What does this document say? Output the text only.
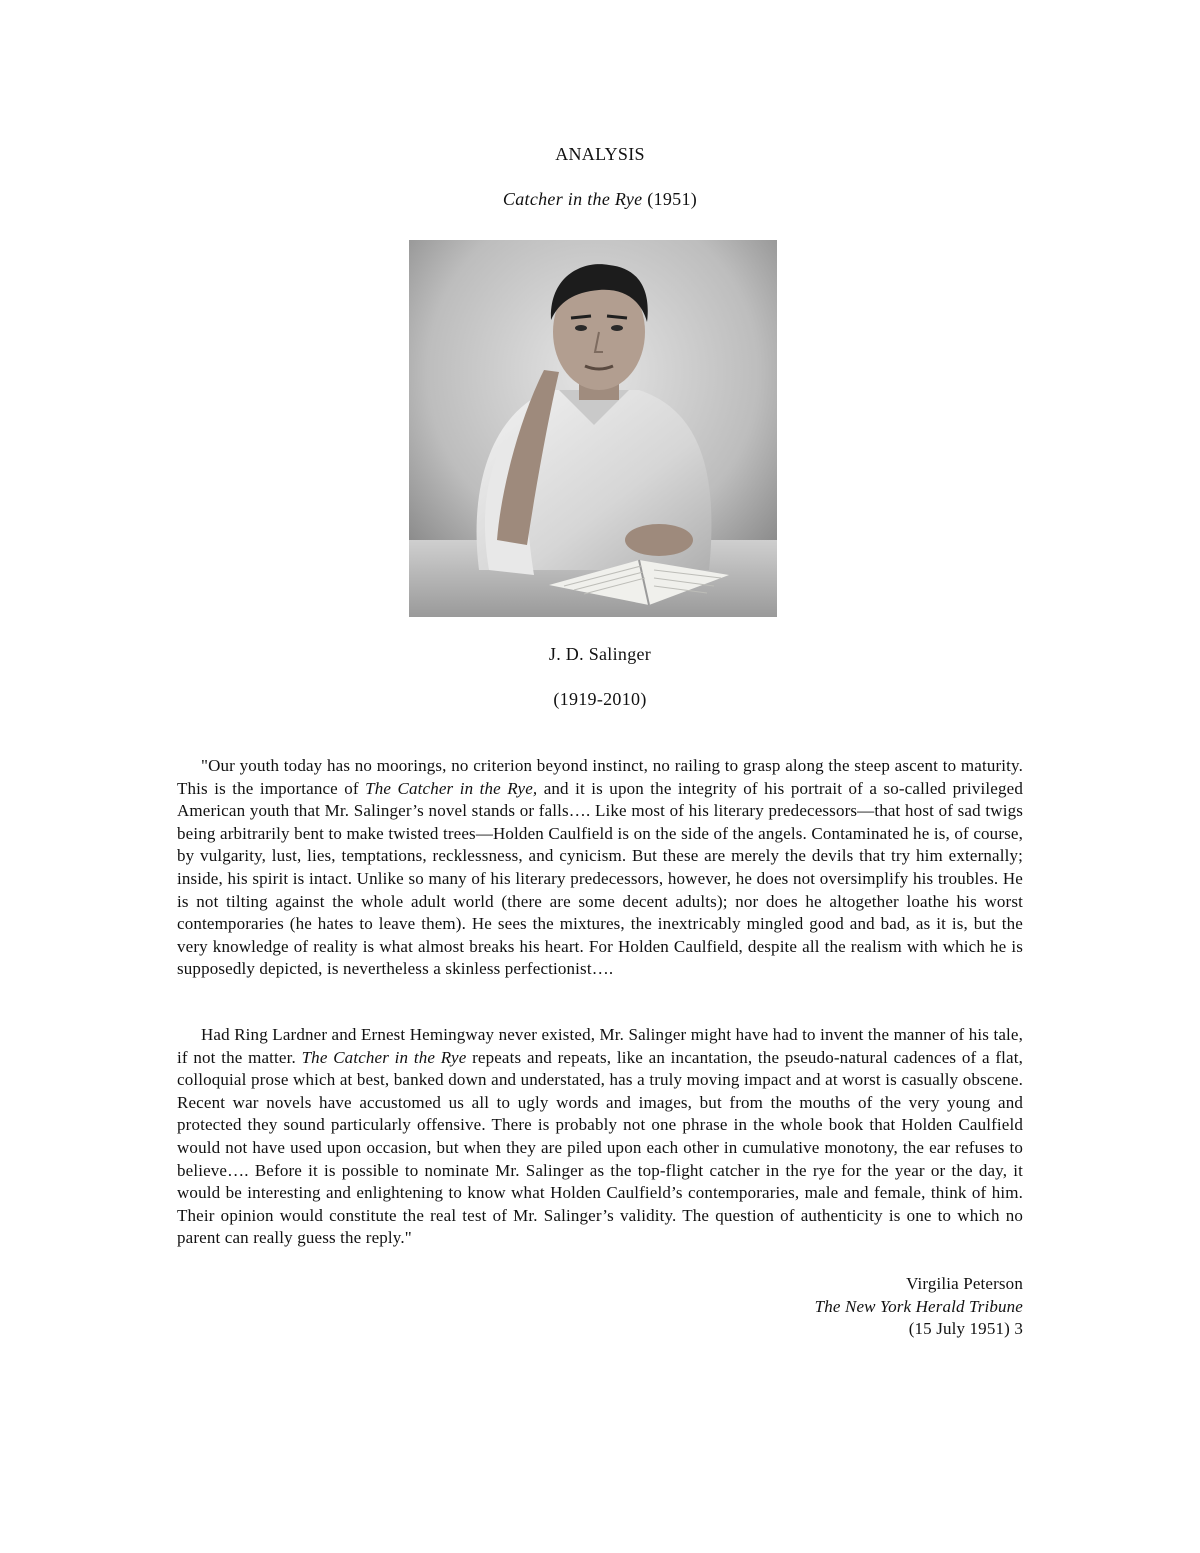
ANALYSIS
Catcher in the Rye (1951)
J. D. Salinger
(1919-2010)

"Our youth today has no moorings, no criterion beyond instinct, no railing to grasp along the steep ascent to maturity. This is the importance of The Catcher in the Rye, and it is upon the integrity of his portrait of a so-called privileged American youth that Mr. Salinger’s novel stands or falls…. Like most of his literary predecessors—that host of sad twigs being arbitrarily bent to make twisted trees—Holden Caulfield is on the side of the angels. Contaminated he is, of course, by vulgarity, lust, lies, temptations, recklessness, and cynicism. But these are merely the devils that try him externally; inside, his spirit is intact. Unlike so many of his literary predecessors, however, he does not oversimplify his troubles. He is not tilting against the whole adult world (there are some decent adults); nor does he altogether loathe his worst contemporaries (he hates to leave them). He sees the mixtures, the inextricably mingled good and bad, as it is, but the very knowledge of reality is what almost breaks his heart. For Holden Caulfield, despite all the realism with which he is supposedly depicted, is nevertheless a skinless perfectionist….

Had Ring Lardner and Ernest Hemingway never existed, Mr. Salinger might have had to invent the manner of his tale, if not the matter. The Catcher in the Rye repeats and repeats, like an incantation, the pseudo-natural cadences of a flat, colloquial prose which at best, banked down and understated, has a truly moving impact and at worst is casually obscene. Recent war novels have accustomed us all to ugly words and images, but from the mouths of the very young and protected they sound particularly offensive. There is probably not one phrase in the whole book that Holden Caulfield would not have used upon occasion, but when they are piled upon each other in cumulative monotony, the ear refuses to believe…. Before it is possible to nominate Mr. Salinger as the top-flight catcher in the rye for the year or the day, it would be interesting and enlightening to know what Holden Caulfield’s contemporaries, male and female, think of him. Their opinion would constitute the real test of Mr. Salinger’s validity. The question of authenticity is one to which no parent can really guess the reply."

Virgilia Peterson
The New York Herald Tribune
(15 July 1951) 3
